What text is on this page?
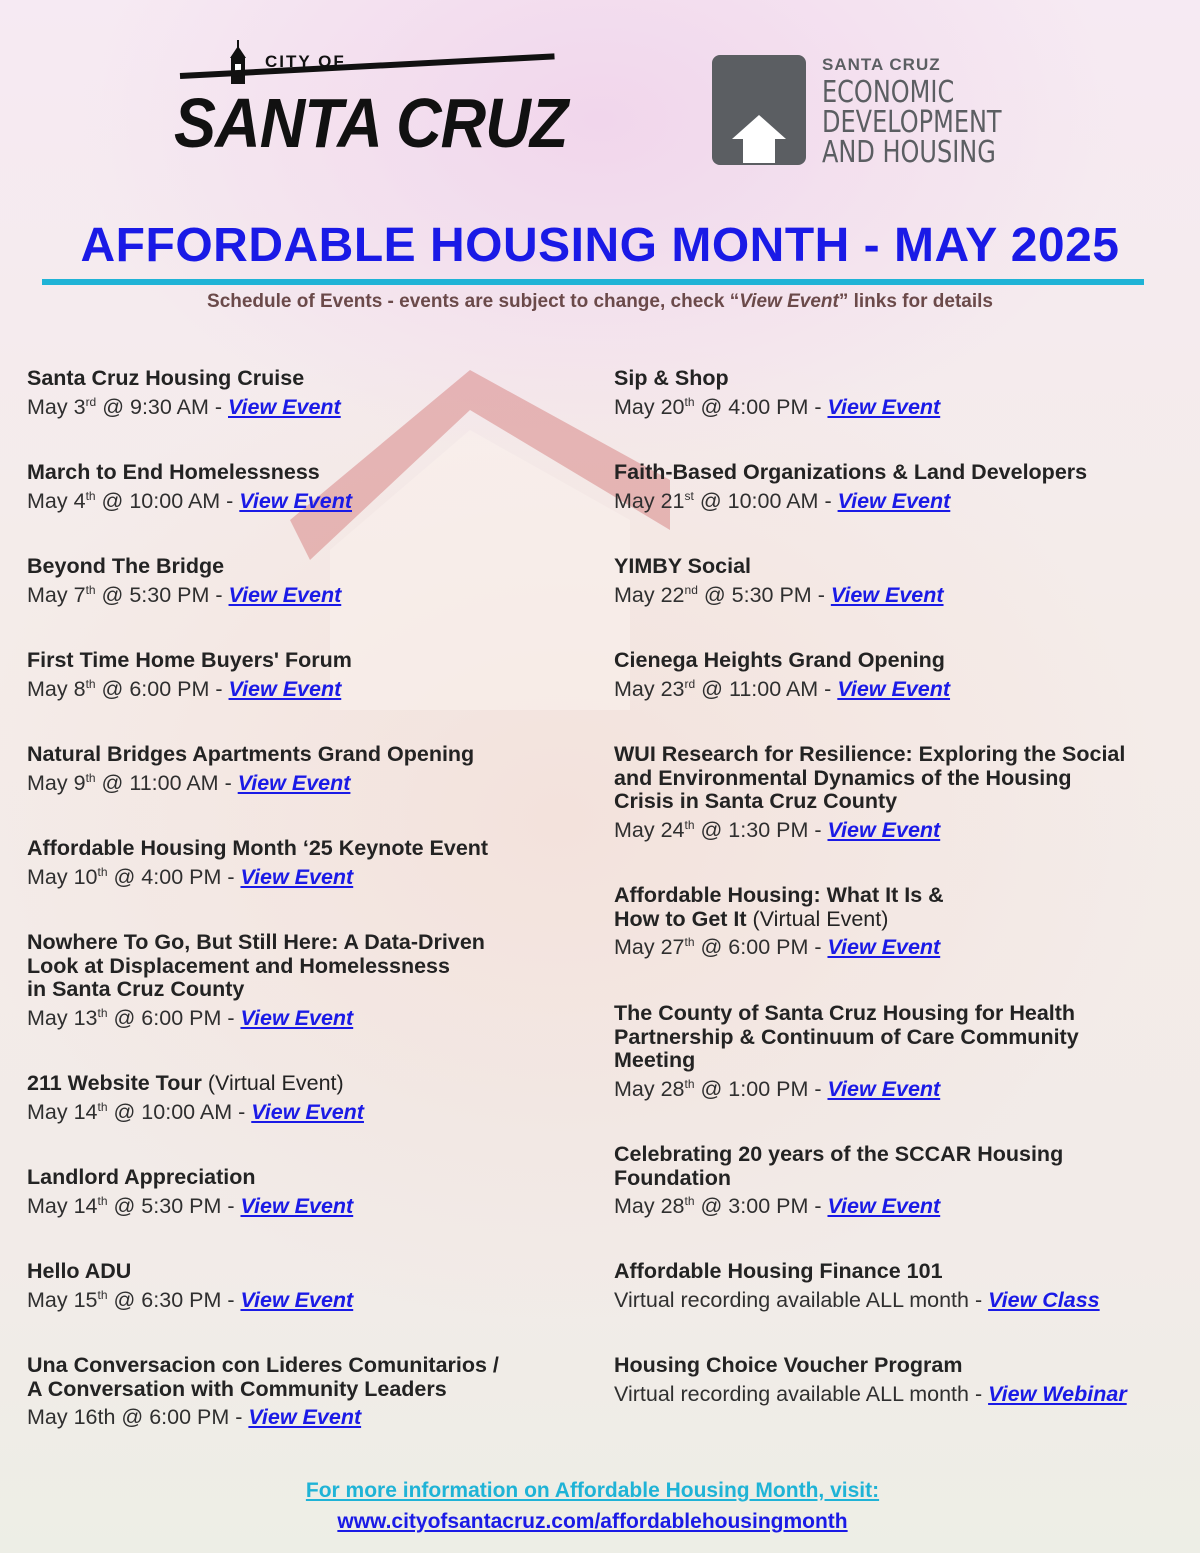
CITY OF
SANTA CRUZ
SANTA CRUZ
ECONOMIC
DEVELOPMENT
AND HOUSING
AFFORDABLE HOUSING MONTH - MAY 2025
Schedule of Events - events are subject to change, check “View Event” links for details
Santa Cruz Housing Cruise
May 3rd @ 9:30 AM - View Event
March to End Homelessness
May 4th @ 10:00 AM - View Event
Beyond The Bridge
May 7th @ 5:30 PM - View Event
First Time Home Buyers' Forum
May 8th @ 6:00 PM - View Event
Natural Bridges Apartments Grand Opening
May 9th @ 11:00 AM - View Event
Affordable Housing Month ‘25 Keynote Event
May 10th @ 4:00 PM - View Event
Nowhere To Go, But Still Here: A Data-Driven
Look at Displacement and Homelessness
in Santa Cruz County
May 13th @ 6:00 PM - View Event
211 Website Tour (Virtual Event)
May 14th @ 10:00 AM - View Event
Landlord Appreciation
May 14th @ 5:30 PM - View Event
Hello ADU
May 15th @ 6:30 PM - View Event
Una Conversacion con Lideres Comunitarios /
A Conversation with Community Leaders
May 16th @ 6:00 PM - View Event
Sip & Shop
May 20th @ 4:00 PM - View Event
Faith-Based Organizations & Land Developers
May 21st @ 10:00 AM - View Event
YIMBY Social
May 22nd @ 5:30 PM - View Event
Cienega Heights Grand Opening
May 23rd @ 11:00 AM - View Event
WUI Research for Resilience: Exploring the Social
and Environmental Dynamics of the Housing
Crisis in Santa Cruz County
May 24th @ 1:30 PM - View Event
Affordable Housing: What It Is &
How to Get It (Virtual Event)
May 27th @ 6:00 PM - View Event
The County of Santa Cruz Housing for Health
Partnership & Continuum of Care Community
Meeting
May 28th @ 1:00 PM - View Event
Celebrating 20 years of the SCCAR Housing
Foundation
May 28th @ 3:00 PM - View Event
Affordable Housing Finance 101
Virtual recording available ALL month - View Class
Housing Choice Voucher Program
Virtual recording available ALL month - View Webinar
For more information on Affordable Housing Month, visit:
www.cityofsantacruz.com/affordablehousingmonth
